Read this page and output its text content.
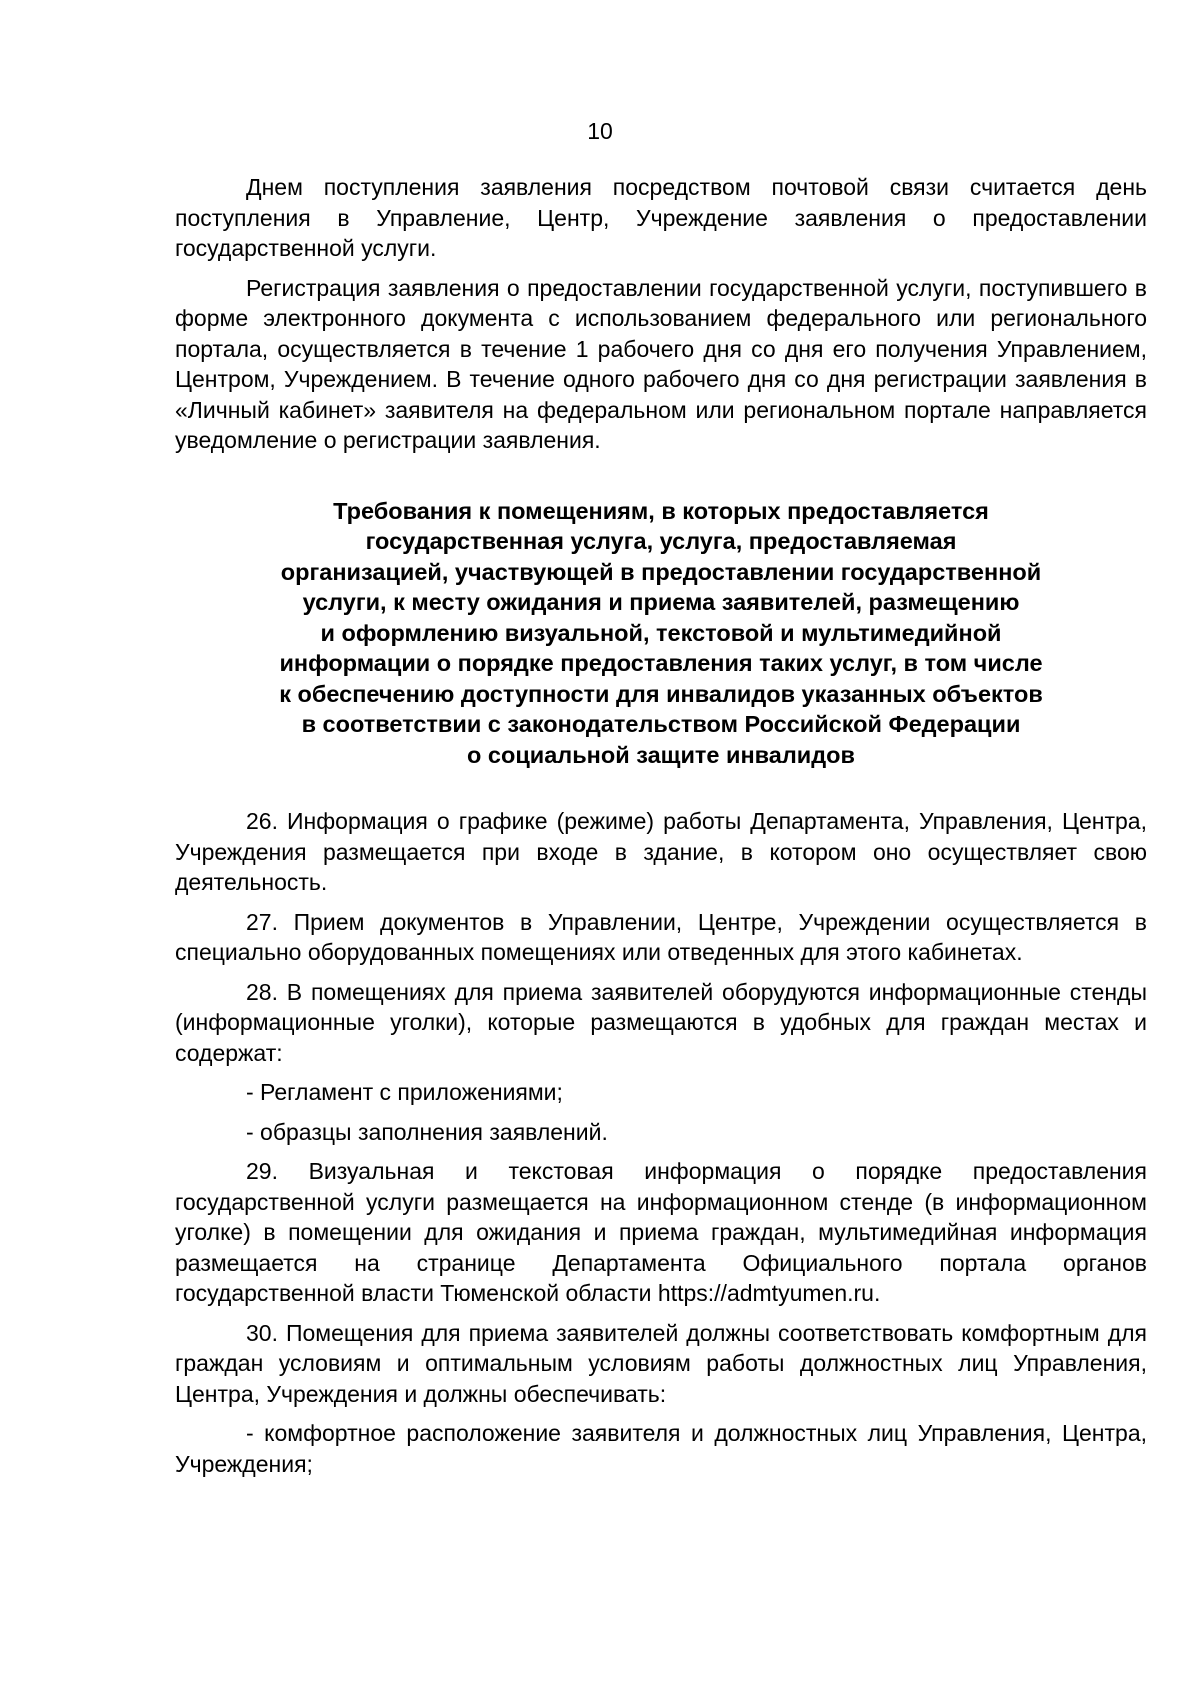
10

Днем поступления заявления посредством почтовой связи считается день поступления в Управление, Центр, Учреждение заявления о предоставлении государственной услуги.

Регистрация заявления о предоставлении государственной услуги, поступившего в форме электронного документа с использованием федерального или регионального портала, осуществляется в течение 1 рабочего дня со дня его получения Управлением, Центром, Учреждением. В течение одного рабочего дня со дня регистрации заявления в «Личный кабинет» заявителя на федеральном или региональном портале направляется уведомление о регистрации заявления.

Требования к помещениям, в которых предоставляется
государственная услуга, услуга, предоставляемая
организацией, участвующей в предоставлении государственной
услуги, к месту ожидания и приема заявителей, размещению
и оформлению визуальной, текстовой и мультимедийной
информации о порядке предоставления таких услуг, в том числе
к обеспечению доступности для инвалидов указанных объектов
в соответствии с законодательством Российской Федерации
о социальной защите инвалидов

26. Информация о графике (режиме) работы Департамента, Управления, Центра, Учреждения размещается при входе в здание, в котором оно осуществляет свою деятельность.

27. Прием документов в Управлении, Центре, Учреждении осуществляется в специально оборудованных помещениях или отведенных для этого кабинетах.

28. В помещениях для приема заявителей оборудуются информационные стенды (информационные уголки), которые размещаются в удобных для граждан местах и содержат:

- Регламент с приложениями;

- образцы заполнения заявлений.

29. Визуальная и текстовая информация о порядке предоставления государственной услуги размещается на информационном стенде (в информационном уголке) в помещении для ожидания и приема граждан, мультимедийная информация размещается на странице Департамента Официального портала органов государственной власти Тюменской области https://admtyumen.ru.

30. Помещения для приема заявителей должны соответствовать комфортным для граждан условиям и оптимальным условиям работы должностных лиц Управления, Центра, Учреждения и должны обеспечивать:

- комфортное расположение заявителя и должностных лиц Управления, Центра, Учреждения;
